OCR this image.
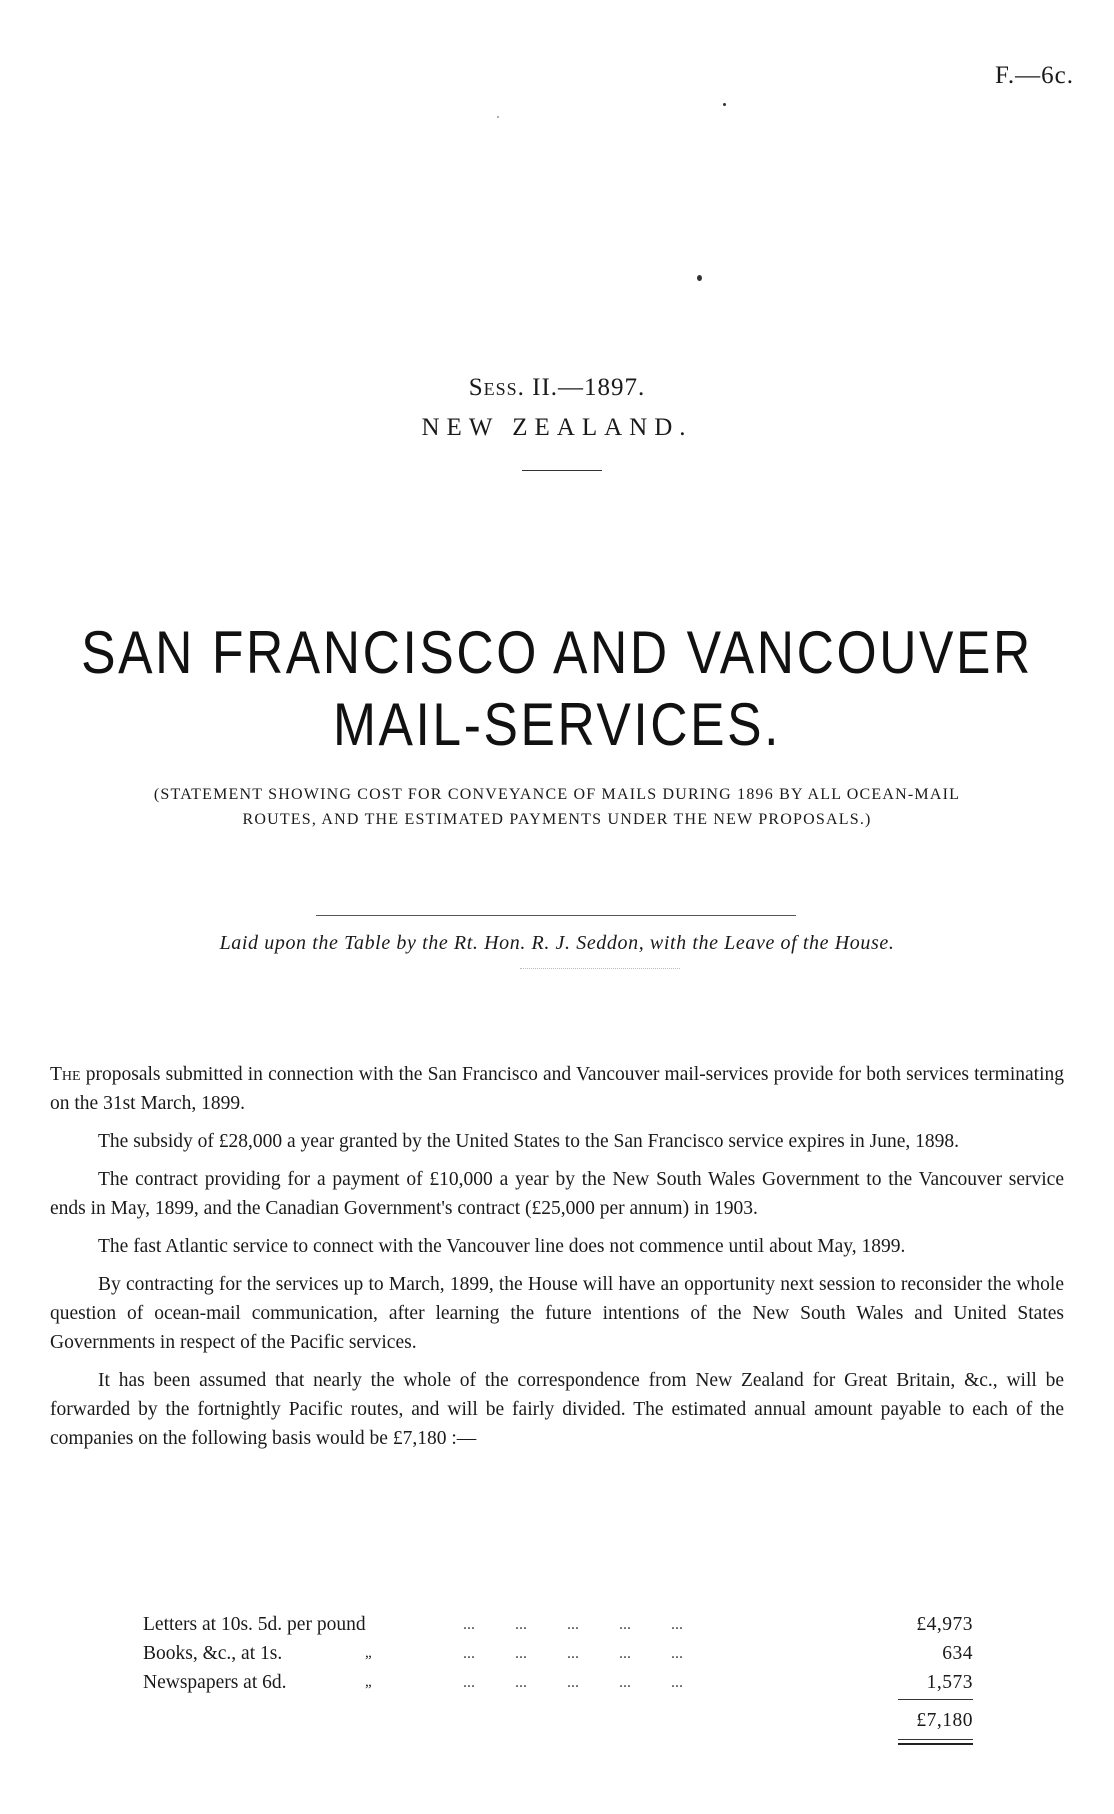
F.—6c.
Sess. II.—1897.
NEW ZEALAND.
SAN FRANCISCO AND VANCOUVER
MAIL-SERVICES.
(STATEMENT SHOWING COST FOR CONVEYANCE OF MAILS DURING 1896 BY ALL OCEAN-MAIL
ROUTES, AND THE ESTIMATED PAYMENTS UNDER THE NEW PROPOSALS.)
Laid upon the Table by the Rt. Hon. R. J. Seddon, with the Leave of the House.

The proposals submitted in connection with the San Francisco and Vancouver mail-services provide for both services terminating on the 31st March, 1899.

The subsidy of £28,000 a year granted by the United States to the San Francisco service expires in June, 1898.

The contract providing for a payment of £10,000 a year by the New South Wales Government to the Vancouver service ends in May, 1899, and the Canadian Government's contract (£25,000 per annum) in 1903.

The fast Atlantic service to connect with the Vancouver line does not commence until about May, 1899.

By contracting for the services up to March, 1899, the House will have an opportunity next session to reconsider the whole question of ocean-mail communication, after learning the future intentions of the New South Wales and United States Governments in respect of the Pacific services.

It has been assumed that nearly the whole of the correspondence from New Zealand for Great Britain, &c., will be forwarded by the fortnightly Pacific routes, and will be fairly divided. The estimated annual amount payable to each of the companies on the following basis would be £7,180 :—

Letters at 10s. 5d. per pound	...          ...          ...          ...          ...	£4,973
Books, &c., at 1s.	„	...          ...          ...          ...          ...	634
Newspapers at 6d.	„	...          ...          ...          ...          ...	1,573
£7,180
